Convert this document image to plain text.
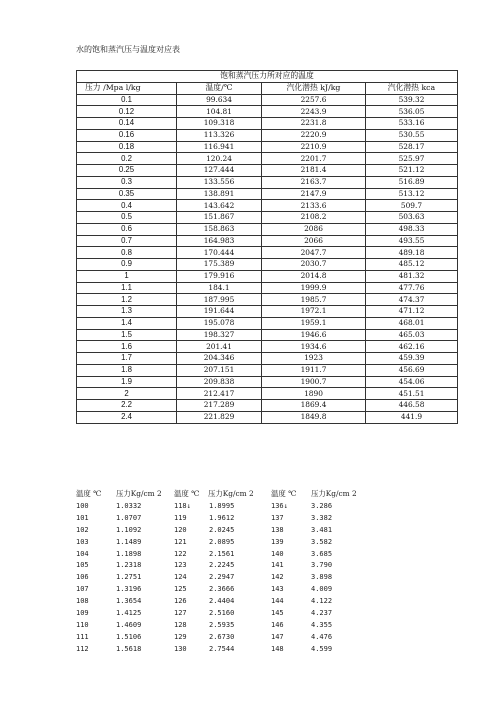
水的饱和蒸汽压与温度对应表
饱和蒸汽压力所对应的温度			
压力 /Mpa l/kg	温度/℃	汽化潜热 kJ/kg	汽化潜热 kca
0.1	99.634	2257.6	539.32
0.12	104.81	2243.9	536.05
0.14	109.318	2231.8	533.16
0.16	113.326	2220.9	530.55
0.18	116.941	2210.9	528.17
0.2	120.24	2201.7	525.97
0.25	127.444	2181.4	521.12
0.3	133.556	2163.7	516.89
0.35	138.891	2147.9	513.12
0.4	143.642	2133.6	509.7
0.5	151.867	2108.2	503.63
0.6	158.863	2086	498.33
0.7	164.983	2066	493.55
0.8	170.444	2047.7	489.18
0.9	175.389	2030.7	485.12
1	179.916	2014.8	481.32
1.1	184.1	1999.9	477.76
1.2	187.995	1985.7	474.37
1.3	191.644	1972.1	471.12
1.4	195.078	1959.1	468.01
1.5	198.327	1946.6	465.03
1.6	201.41	1934.6	462.16
1.7	204.346	1923	459.39
1.8	207.151	1911.7	456.69
1.9	209.838	1900.7	454.06
2	212.417	1890	451.51
2.2	217.289	1869.4	446.58
2.4	221.829	1849.8	441.9
温度 ℃	压力Kg/cm 2	温度 ℃	压力Kg/cm 2	温度 ℃	压力Kg/cm 2
100	1.0332	118↓	1.8995	136↓	3.286
101	1.0707	119	1.9612	137	3.382
102	1.1092	120	2.0245	138	3.481
103	1.1489	121	2.0895	139	3.582
104	1.1898	122	2.1561	140	3.685
105	1.2318	123	2.2245	141	3.790
106	1.2751	124	2.2947	142	3.898
107	1.3196	125	2.3666	143	4.009
108	1.3654	126	2.4404	144	4.122
109	1.4125	127	2.5160	145	4.237
110	1.4609	128	2.5935	146	4.355
111	1.5106	129	2.6730	147	4.476
112	1.5618	130	2.7544	148	4.599
